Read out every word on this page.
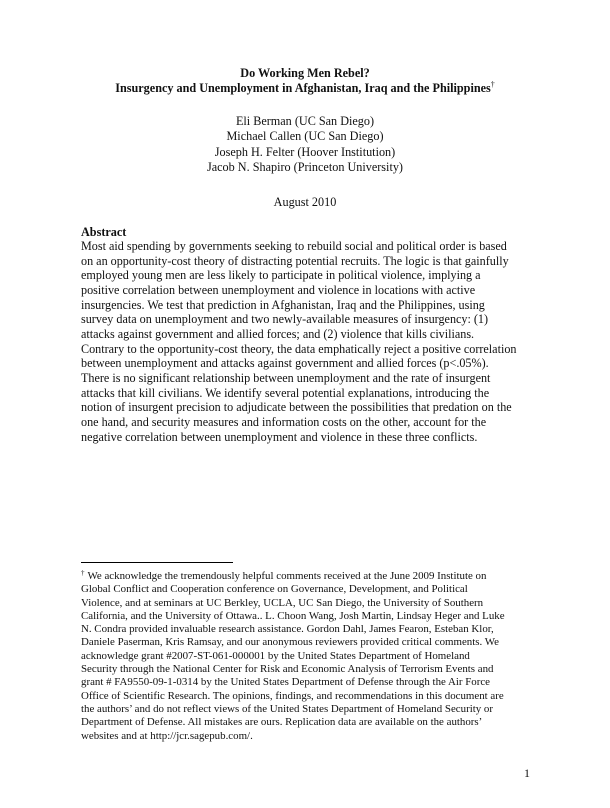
Do Working Men Rebel?
Insurgency and Unemployment in Afghanistan, Iraq and the Philippines†
Eli Berman (UC San Diego)
Michael Callen (UC San Diego)
Joseph H. Felter (Hoover Institution)
Jacob N. Shapiro (Princeton University)
August 2010
Abstract
Most aid spending by governments seeking to rebuild social and political order is based
on an opportunity-cost theory of distracting potential recruits. The logic is that gainfully
employed young men are less likely to participate in political violence, implying a
positive correlation between unemployment and violence in locations with active
insurgencies. We test that prediction in Afghanistan, Iraq and the Philippines, using
survey data on unemployment and two newly-available measures of insurgency: (1)
attacks against government and allied forces; and (2) violence that kills civilians.
Contrary to the opportunity-cost theory, the data emphatically reject a positive correlation
between unemployment and attacks against government and allied forces (p<.05%).
There is no significant relationship between unemployment and the rate of insurgent
attacks that kill civilians. We identify several potential explanations, introducing the
notion of insurgent precision to adjudicate between the possibilities that predation on the
one hand, and security measures and information costs on the other, account for the
negative correlation between unemployment and violence in these three conflicts.
† We acknowledge the tremendously helpful comments received at the June 2009 Institute on
Global Conflict and Cooperation conference on Governance, Development, and Political
Violence, and at seminars at UC Berkley, UCLA, UC San Diego, the University of Southern
California, and the University of Ottawa.. L. Choon Wang, Josh Martin, Lindsay Heger and Luke
N. Condra provided invaluable research assistance. Gordon Dahl, James Fearon, Esteban Klor,
Daniele Paserman, Kris Ramsay, and our anonymous reviewers provided critical comments. We
acknowledge grant #2007-ST-061-000001 by the United States Department of Homeland
Security through the National Center for Risk and Economic Analysis of Terrorism Events and
grant # FA9550-09-1-0314 by the United States Department of Defense through the Air Force
Office of Scientific Research. The opinions, findings, and recommendations in this document are
the authors’ and do not reflect views of the United States Department of Homeland Security or
Department of Defense. All mistakes are ours. Replication data are available on the authors’
websites and at http://jcr.sagepub.com/.
1
